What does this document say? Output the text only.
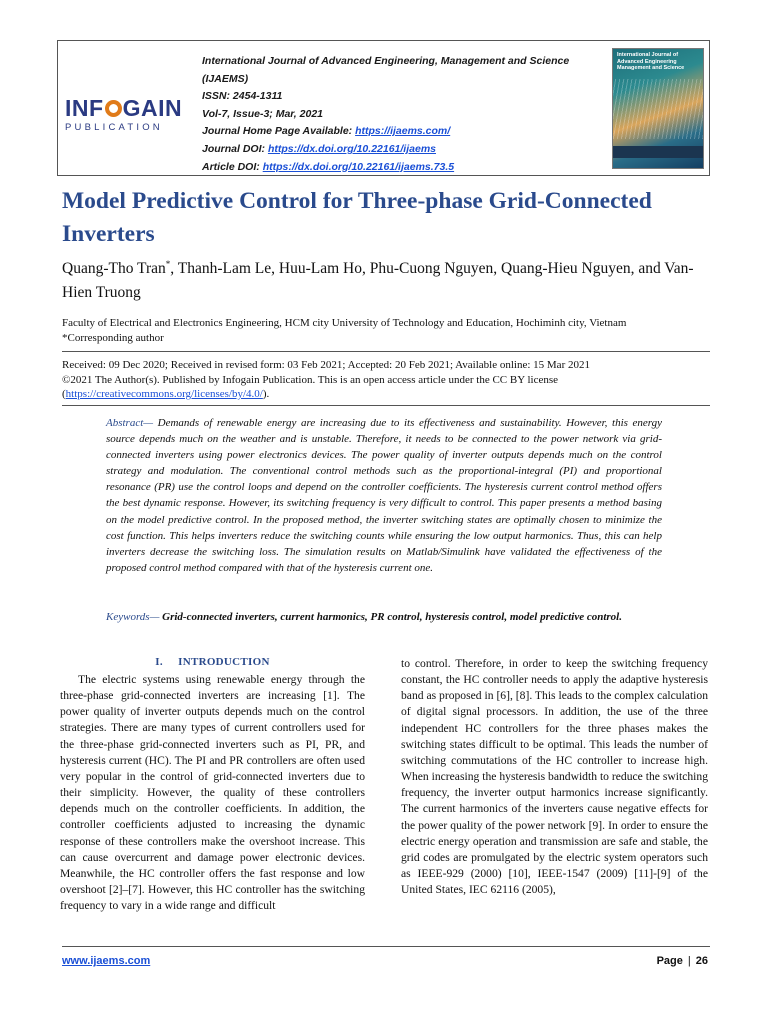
INF GAIN
PUBLICATION
International Journal of Advanced Engineering, Management and Science
(IJAEMS)
ISSN: 2454-1311
Vol-7, Issue-3; Mar, 2021
Journal Home Page Available: https://ijaems.com/
Journal DOI: https://dx.doi.org/10.22161/ijaems
Article DOI: https://dx.doi.org/10.22161/ijaems.73.5
International Journal of Advanced Engineering Management and Science
Model Predictive Control for Three-phase Grid-Connected Inverters
Quang-Tho Tran*, Thanh-Lam Le, Huu-Lam Ho, Phu-Cuong Nguyen, Quang-Hieu Nguyen, and Van-Hien Truong
Faculty of Electrical and Electronics Engineering, HCM city University of Technology and Education, Hochiminh city, Vietnam
*Corresponding author
Received: 09 Dec 2020; Received in revised form: 03 Feb 2021; Accepted: 20 Feb 2021; Available online: 15 Mar 2021
©2021 The Author(s). Published by Infogain Publication. This is an open access article under the CC BY license
(https://creativecommons.org/licenses/by/4.0/).
Abstract— Demands of renewable energy are increasing due to its effectiveness and sustainability. However, this energy source depends much on the weather and is unstable. Therefore, it needs to be connected to the power network via grid-connected inverters using power electronics devices. The power quality of inverter outputs depends much on the control strategy and modulation. The conventional control methods such as the proportional-integral (PI) and proportional resonance (PR) use the control loops and depend on the controller coefficients. The hysteresis current control method offers the best dynamic response. However, its switching frequency is very difficult to control. This paper presents a method basing on the model predictive control. In the proposed method, the inverter switching states are optimally chosen to minimize the cost function. This helps inverters reduce the switching counts while ensuring the low output harmonics. Thus, this can help inverters decrease the switching loss. The simulation results on Matlab/Simulink have validated the effectiveness of the proposed control method compared with that of the hysteresis current one.
Keywords— Grid-connected inverters, current harmonics, PR control, hysteresis control, model predictive control.
I. INTRODUCTION
The electric systems using renewable energy through the three-phase grid-connected inverters are increasing [1]. The power quality of inverter outputs depends much on the control strategies. There are many types of current controllers used for the three-phase grid-connected inverters such as PI, PR, and hysteresis current (HC). The PI and PR controllers are often used very popular in the control of grid-connected inverters due to their simplicity. However, the quality of these controllers depends much on the controller coefficients. In addition, the controller coefficients adjusted to increasing the dynamic response of these controllers make the overshoot increase. This can cause overcurrent and damage power electronic devices. Meanwhile, the HC controller offers the fast response and low overshoot [2]–[7]. However, this HC controller has the switching frequency to vary in a wide range and difficult
to control. Therefore, in order to keep the switching frequency constant, the HC controller needs to apply the adaptive hysteresis band as proposed in [6], [8]. This leads to the complex calculation of digital signal processors. In addition, the use of the three independent HC controllers for the three phases makes the switching states difficult to be optimal. This leads the number of switching commutations of the HC controller to increase high. When increasing the hysteresis bandwidth to reduce the switching frequency, the inverter output harmonics increase significantly. The current harmonics of the inverters cause negative effects for the power quality of the power network [9]. In order to ensure the electric energy operation and transmission are safe and stable, the grid codes are promulgated by the electric system operators such as IEEE-929 (2000) [10], IEEE-1547 (2009) [11]-[9] of the United States, IEC 62116 (2005),
www.ijaems.com	Page | 26
